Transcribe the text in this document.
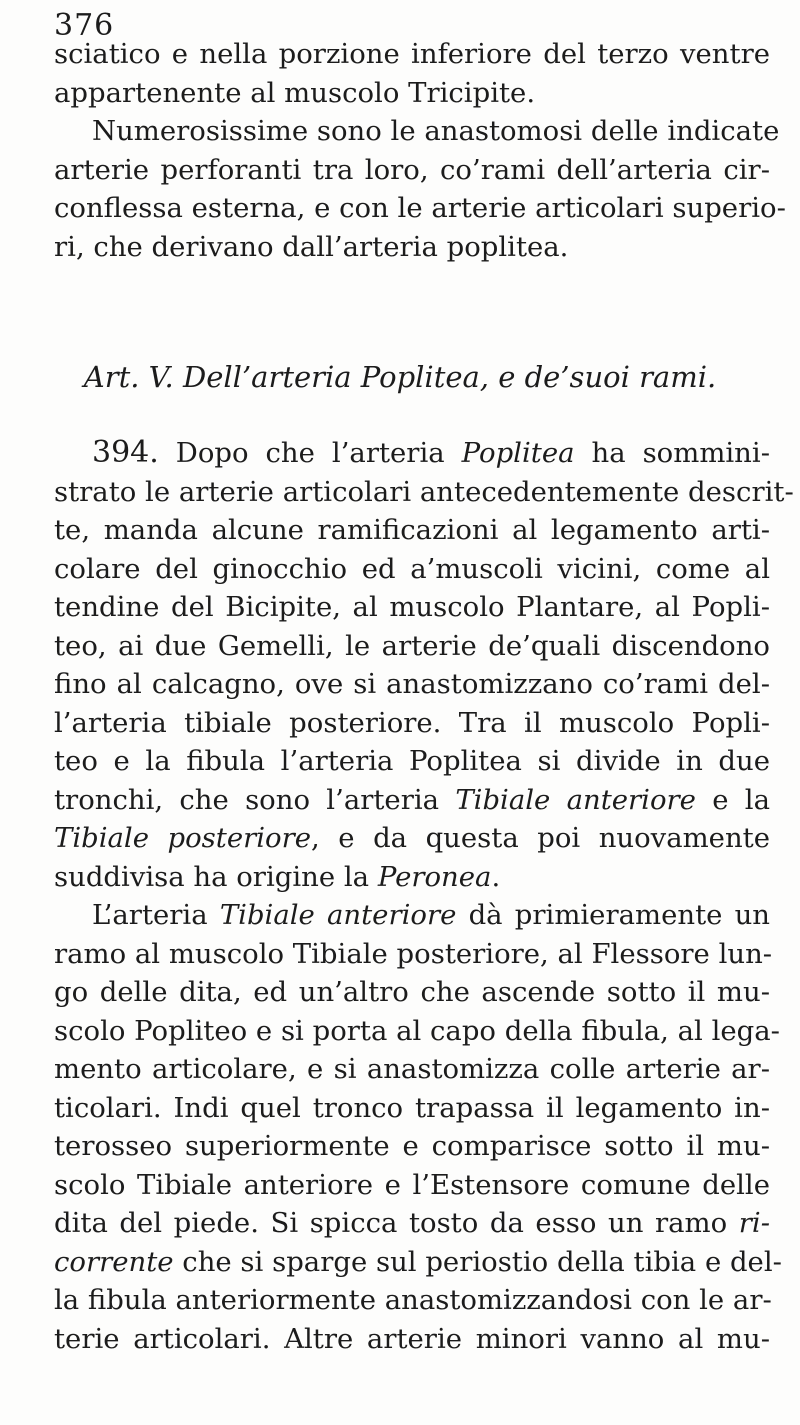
376
sciatico e nella porzione inferiore del terzo ventre
appartenente al muscolo Tricipite.
Numerosissime sono le anastomosi delle indicate
arterie perforanti tra loro, co’rami dell’arteria cir-
conflessa esterna, e con le arterie articolari superio-
ri, che derivano dall’arteria poplitea.
Art. V. Dell’arteria Poplitea, e de’suoi rami.
394. Dopo che l’arteria Poplitea ha sommini-
strato le arterie articolari antecedentemente descrit-
te, manda alcune ramificazioni al legamento arti-
colare del ginocchio ed a’muscoli vicini, come al
tendine del Bicipite, al muscolo Plantare, al Popli-
teo, ai due Gemelli, le arterie de’quali discendono
fino al calcagno, ove si anastomizzano co’rami del-
l’arteria tibiale posteriore. Tra il muscolo Popli-
teo e la fibula l’arteria Poplitea si divide in due
tronchi, che sono l’arteria Tibiale anteriore e la
Tibiale posteriore, e da questa poi nuovamente
suddivisa ha origine la Peronea.
L’arteria Tibiale anteriore dà primieramente un
ramo al muscolo Tibiale posteriore, al Flessore lun-
go delle dita, ed un’altro che ascende sotto il mu-
scolo Popliteo e si porta al capo della fibula, al lega-
mento articolare, e si anastomizza colle arterie ar-
ticolari. Indi quel tronco trapassa il legamento in-
terosseo superiormente e comparisce sotto il mu-
scolo Tibiale anteriore e l’Estensore comune delle
dita del piede. Si spicca tosto da esso un ramo ri-
corrente che si sparge sul periostio della tibia e del-
la fibula anteriormente anastomizzandosi con le ar-
terie articolari. Altre arterie minori vanno al mu-
